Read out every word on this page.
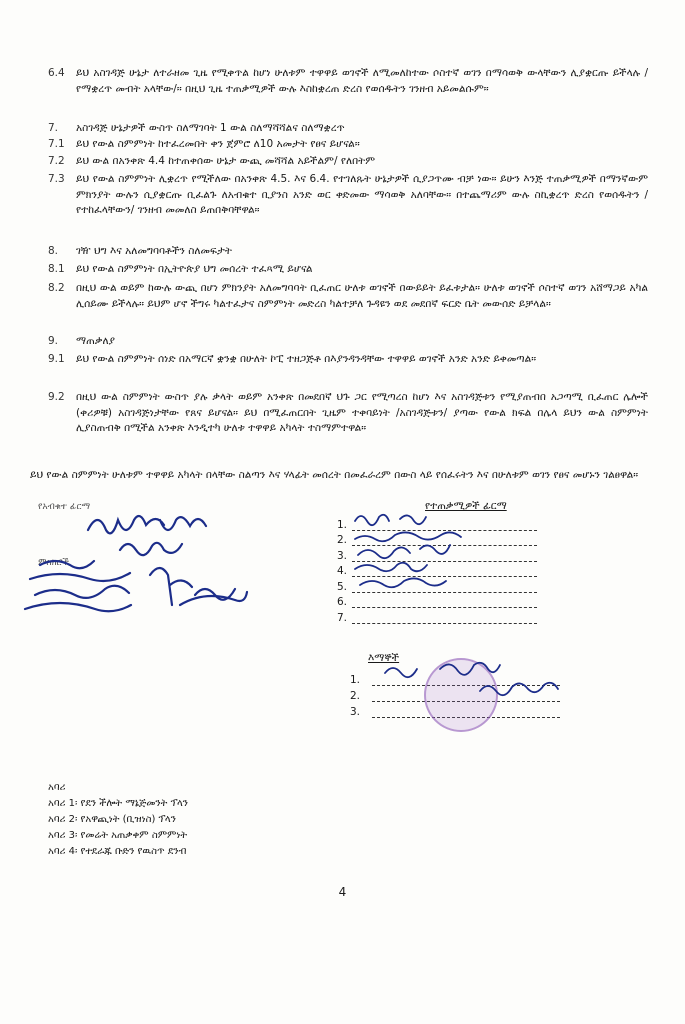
6.4	ይህ አስገዳጅ ሁኔታ ለተራዘመ ጊዜ የሚቀጥል ከሆነ ሁለቱም ተዋዋይ ወገኖች ለሚመለከተው ሶስተኛ ወገን በማሳወቅ ውላቸውን ሊያቋርጡ ይችላሉ /የማቋረጥ መብት አላቸው/። በዚህ ጊዜ ተጠቃሚዎች ውሉ እስከቋረጠ ድረስ የወሰዱትን ገንዘብ አይመልሱም።
7.	አስገዳጅ ሁኔታዎች ውስጥ ስለማገባት 1 ውል ስለማሻሻልና ስለማቋረጥ
7.1	ይህ የውል ስምምነት ከተፈረመበት ቀን ጀምሮ ለ10 አመታት የፀና ይሆናል።
7.2	ይህ ውል በአንቀጽ 4.4 ከተጠቀሰው ሁኔታ ውጪ መሻሻል አይችልም/ የለበትም
7.3	ይህ የውል ስምምነት ሊቋረጥ የሚችለው በአንቀጽ 4.5. እና 6.4. የተገለጹት ሁኔታዎች ሲያጋጥሙ ብቻ ነው። ይሁን እንጅ ተጠቃሚዎች በማንኛውም ምክንያት ውሉን ሲያቋርጡ ቢፈልጉ ለአብቁተ ቢያንስ አንድ ወር ቀድመው ማሳወቅ አለባቸው። በተጨማሪም ውሉ ስኪቋረጥ ድረስ የወሰዱትን /የተከፈላቸውን/ ገንዘብ መመለስ ይጠበቅባቸዋል።
8.	ገዥ ህግ እና አለመግባባቶችን ስለመፍታት
8.1	ይህ የውል ስምምነት በኢትዮጵያ ህግ መሰረት ተፈጻሚ ይሆናል
8.2	በዚህ ውል ወይም ከውሉ ውጪ በሆነ ምክንያት አለመግባባት ቢፈጠር ሁለቱ ወገኖች በውይይት ይፈቱታል። ሁለቱ ወገኖች ሶስተኛ ወገን አሸማጋይ አካል ሊሰይሙ ይችላሉ። ይህም ሆኖ ችግሩ ካልተፈታና ስምምነት መድረስ ካልተቻለ ጉዳዩን ወደ መደበኛ ፍርድ ቤት መውሰድ ይቻላል።
9.	ማጠቃለያ
9.1	ይህ የውል ስምምነት ሰነድ በአማርኛ ቋንቋ በሁለት ኮፒ ተዘጋጅቶ በእያንዳንዳቸው ተዋዋይ ወገኖች አንድ አንድ ይቀመጣል።
9.2	በዚህ ውል ስምምነት ውስጥ ያሉ ቃላት ወይም አንቀጽ በመደበኛ ህጉ ጋር የሚጣረስ ከሆነ እና አስገዳጅቱን የሚያጠብበ አጋጣሚ ቢፈጠር ሌሎች (ቀሪዎቹ) አስገዳጅነታቸው የጸና ይሆናል። ይህ በሚፈጠርበት ጊዜም ተቀባይነት /አስገዳጅቱን/ ያጣው የውል ክፍል በሌላ ይህን ውል ስምምነት ሊያስጠብቅ በሚችል አንቀጽ እንዲተካ ሁለቱ ተዋዋይ አካላት ተስማምተዋል።
ይህ የውል ስምምነት ሁለቱም ተዋዋይ አካላት በላቸው ስልጣን እና ሃላፊት መሰረት በመፈራረም በውስ ላይ የሰፈሩትን እና በሁለቱም ወገን የፀና መሆኑን ገልፀዋል።
የአብቁተ ፊርማ
ምስክሮች
የተጠቃሚዎች ፊርማ
1.
2.
3.
4.
5.
6.
7.
እማኞች
1.
2.
3.
አባሪ
አባሪ 1፡ የደን ችሎት ማኔጅመንት ፕላን
አባሪ 2፡ የአዋጪነት (ቢዝነስ) ፕላን
አባሪ 3፡ የመሬት አጠቃቀም ስምምነት
አባሪ 4፡ የተደራጁ ቡድን የዉስጥ ደንብ
4
